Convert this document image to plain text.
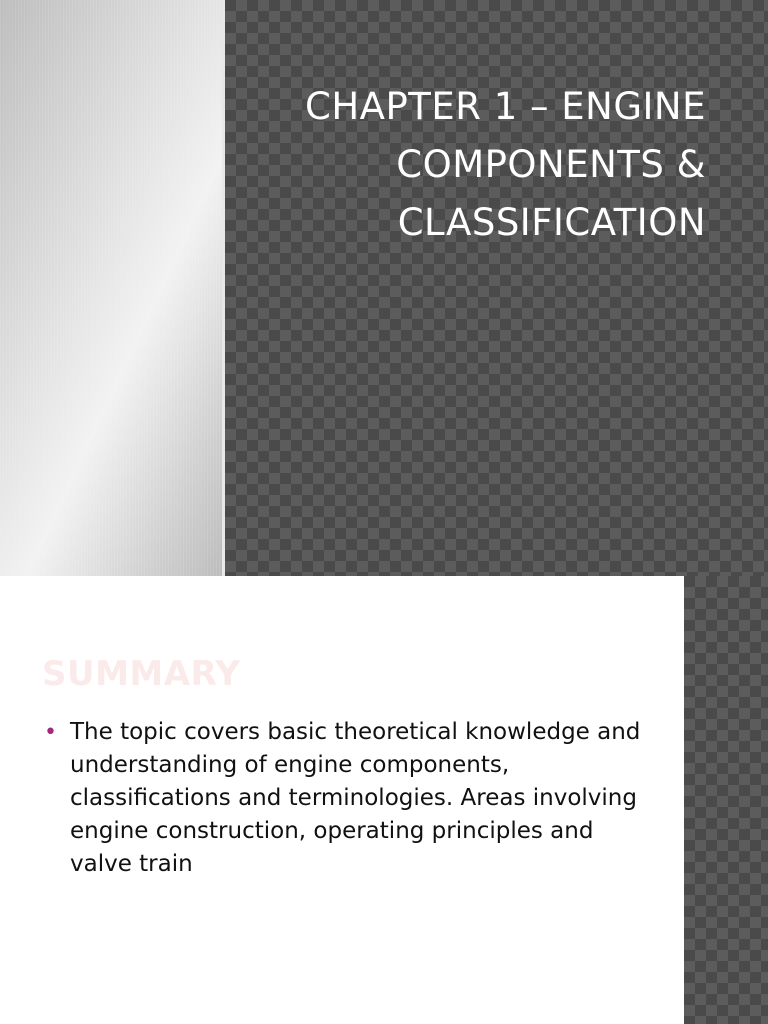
CHAPTER 1 – ENGINE COMPONENTS & CLASSIFICATION
SUMMARY
• The topic covers basic theoretical knowledge and understanding of engine components, classifications and terminologies. Areas involving engine construction, operating principles and valve train
